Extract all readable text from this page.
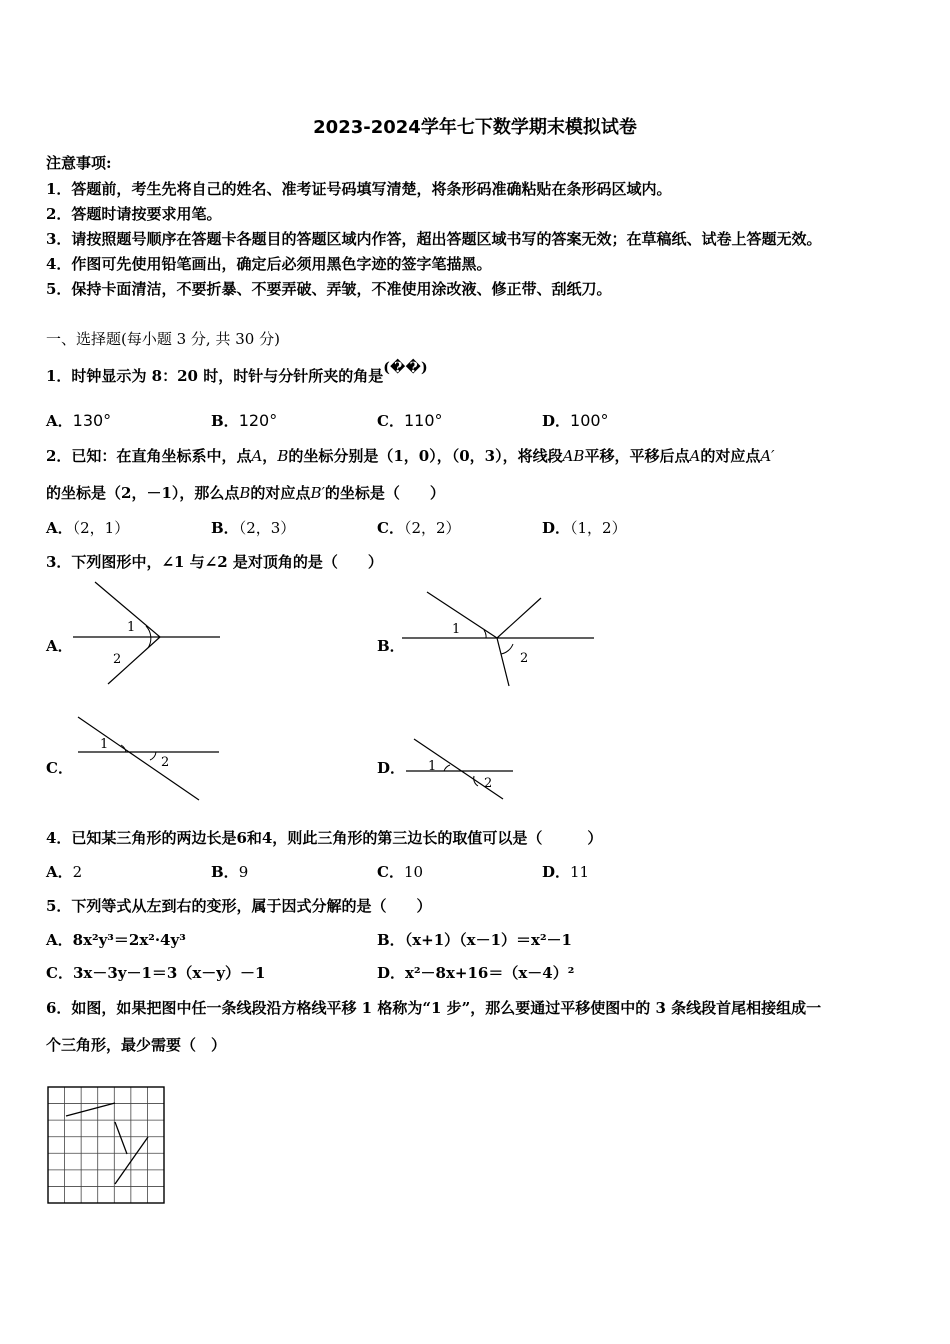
2023-2024学年七下数学期末模拟试卷
注意事项:
1．答题前，考生先将自己的姓名、准考证号码填写清楚，将条形码准确粘贴在条形码区域内。
2．答题时请按要求用笔。
3．请按照题号顺序在答题卡各题目的答题区域内作答，超出答题区域书写的答案无效；在草稿纸、试卷上答题无效。
4．作图可先使用铅笔画出，确定后必须用黑色字迹的签字笔描黑。
5．保持卡面清洁，不要折暴、不要弄破、弄皱，不准使用涂改液、修正带、刮纸刀。
一、选择题(每小题 3 分, 共 30 分)
1．时钟显示为 8：20 时，时针与分针所夹的角是(��)
A．130°	B．120°	C．110°	D．100°
2．已知：在直角坐标系中，点A，B的坐标分别是（1，0），（0，3），将线段AB平移，平移后点A的对应点A′
的坐标是（2，－1），那么点B的对应点B′的坐标是（　　）
A．（2，1）	B．（2，3）	C．（2，2）	D．（1，2）
3．下列图形中，∠1 与∠2 是对顶角的是（　　）
A．
1
2
B．
1
2
C．
1
2	D． 1
2
4．已知某三角形的两边长是6和4，则此三角形的第三边长的取值可以是（　　　）
A．2	B．9	C．10	D．11
5．下列等式从左到右的变形，属于因式分解的是（　　）
A．8x²y³＝2x²·4y³	B．（x+1）（x－1）＝x²－1
C．3x－3y－1＝3（x－y）－1	D．x²－8x+16＝（x－4）²
6．如图，如果把图中任一条线段沿方格线平移 1 格称为“1 步”，那么要通过平移使图中的 3 条线段首尾相接组成一
个三角形，最少需要（　）
